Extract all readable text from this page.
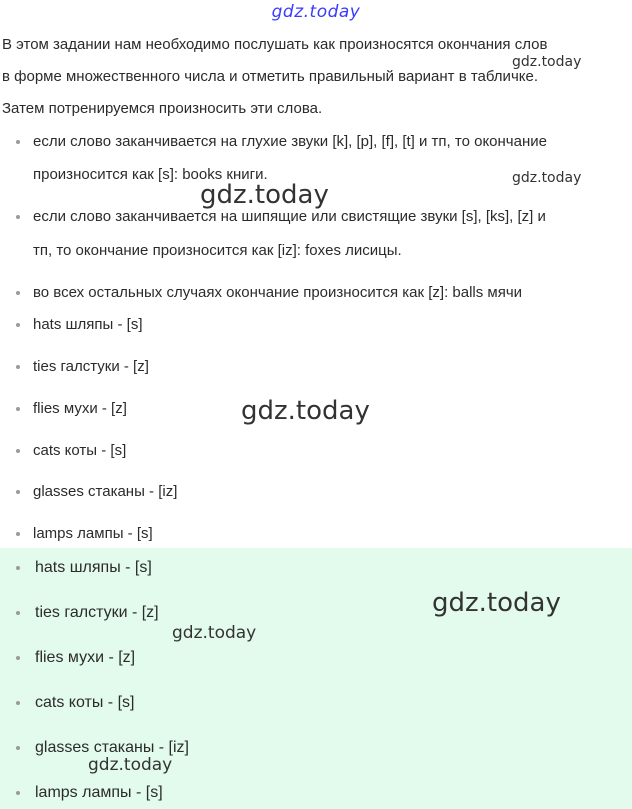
gdz.today
В этом задании нам необходимо послушать как произносятся окончания слов
в форме множественного числа и отметить правильный вариант в табличке.
Затем потренируемся произносить эти слова.
если слово заканчивается на глухие звуки [k], [p], [f], [t] и тп, то окончание
произносится как [s]: books книги.
если слово заканчивается на шипящие или свистящие звуки [s], [ks], [z] и
тп, то окончание произносится как [iz]: foxes лисицы.
во всех остальных случаях окончание произносится как [z]: balls мячи
hats шляпы - [s]
ties галстуки - [z]
flies мухи - [z]
cats коты - [s]
glasses стаканы - [iz]
lamps лампы - [s]
hats шляпы - [s]
ties галстуки - [z]
flies мухи - [z]
cats коты - [s]
glasses стаканы - [iz]
lamps лампы - [s]
gdz.today
gdz.today
gdz.today
gdz.today
gdz.today
gdz.today
gdz.today
